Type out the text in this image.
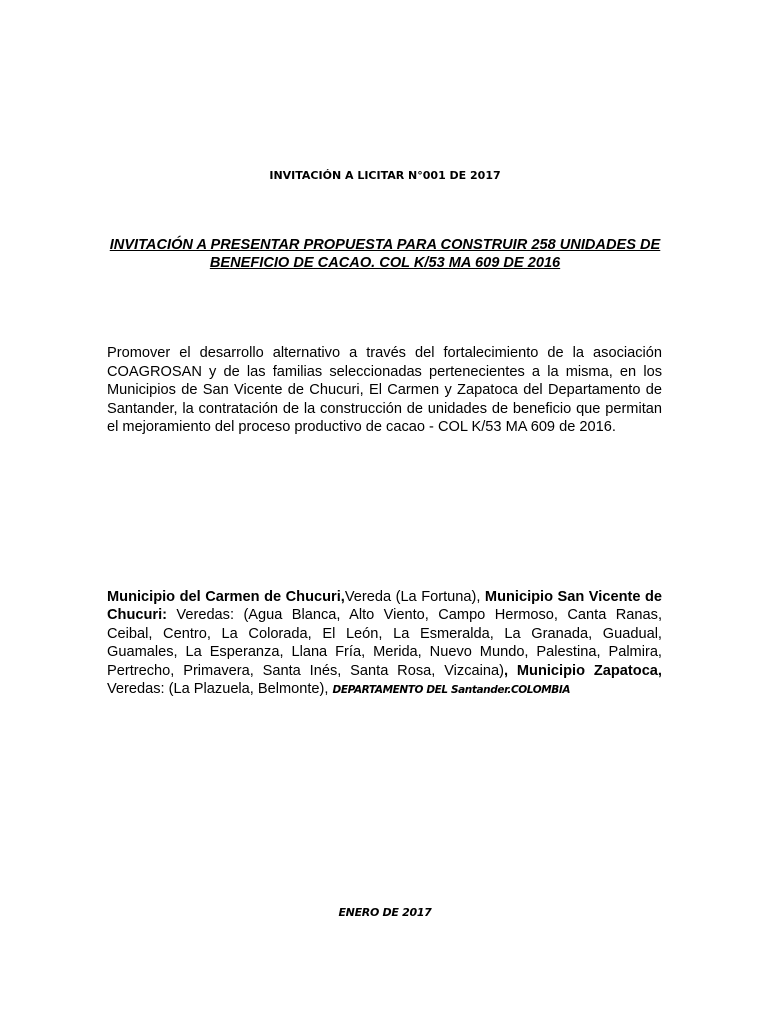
INVITACIÓN A LICITAR N°001 DE 2017
INVITACIÓN A PRESENTAR PROPUESTA PARA CONSTRUIR 258 UNIDADES DE BENEFICIO DE CACAO. COL K/53 MA 609 DE 2016
Promover el desarrollo alternativo a través del fortalecimiento de la asociación COAGROSAN y de las familias seleccionadas pertenecientes a la misma, en los Municipios de San Vicente de Chucuri, El Carmen y Zapatoca del Departamento de Santander, la contratación de la construcción de unidades de beneficio que permitan el mejoramiento del proceso productivo de cacao - COL K/53 MA 609 de 2016.
Municipio del Carmen de Chucuri,Vereda (La Fortuna), Municipio San Vicente de Chucuri: Veredas: (Agua Blanca, Alto Viento, Campo Hermoso, Canta Ranas, Ceibal, Centro, La Colorada, El León, La Esmeralda, La Granada, Guadual, Guamales, La Esperanza, Llana Fría, Merida, Nuevo Mundo, Palestina, Palmira, Pertrecho, Primavera, Santa Inés, Santa Rosa, Vizcaina), Municipio Zapatoca, Veredas: (La Plazuela, Belmonte), DEPARTAMENTO DEL Santander.COLOMBIA
ENERO DE 2017
